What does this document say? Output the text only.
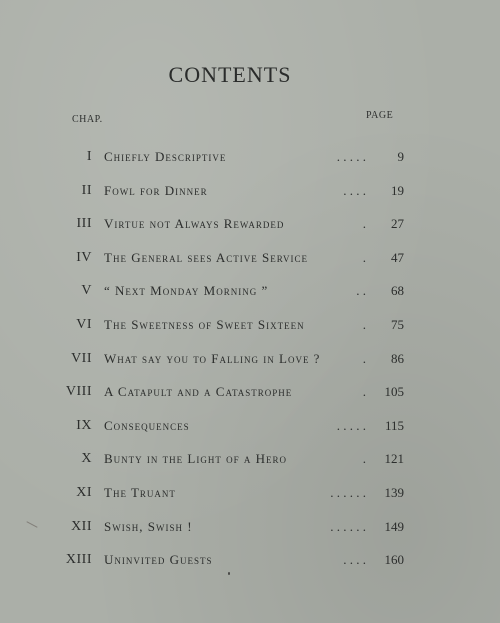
CONTENTS
CHAP.	PAGE
I Chiefly Descriptive	. . . . .	9
II Fowl for Dinner	. . . .	19
III Virtue not Always Rewarded	.	27
IV The General sees Active Service	.	47
V “ Next Monday Morning ”	. .	68
VI The Sweetness of Sweet Sixteen	.	75
VII What say you to Falling in Love ?	.	86
VIII A Catapult and a Catastrophe	.	105
IX Consequences	. . . . .	115
X Bunty in the Light of a Hero	.	121
XI The Truant	. . . . . .	139
XII Swish, Swish !	. . . . . .	149
XIII Uninvited Guests	. . . .	160
